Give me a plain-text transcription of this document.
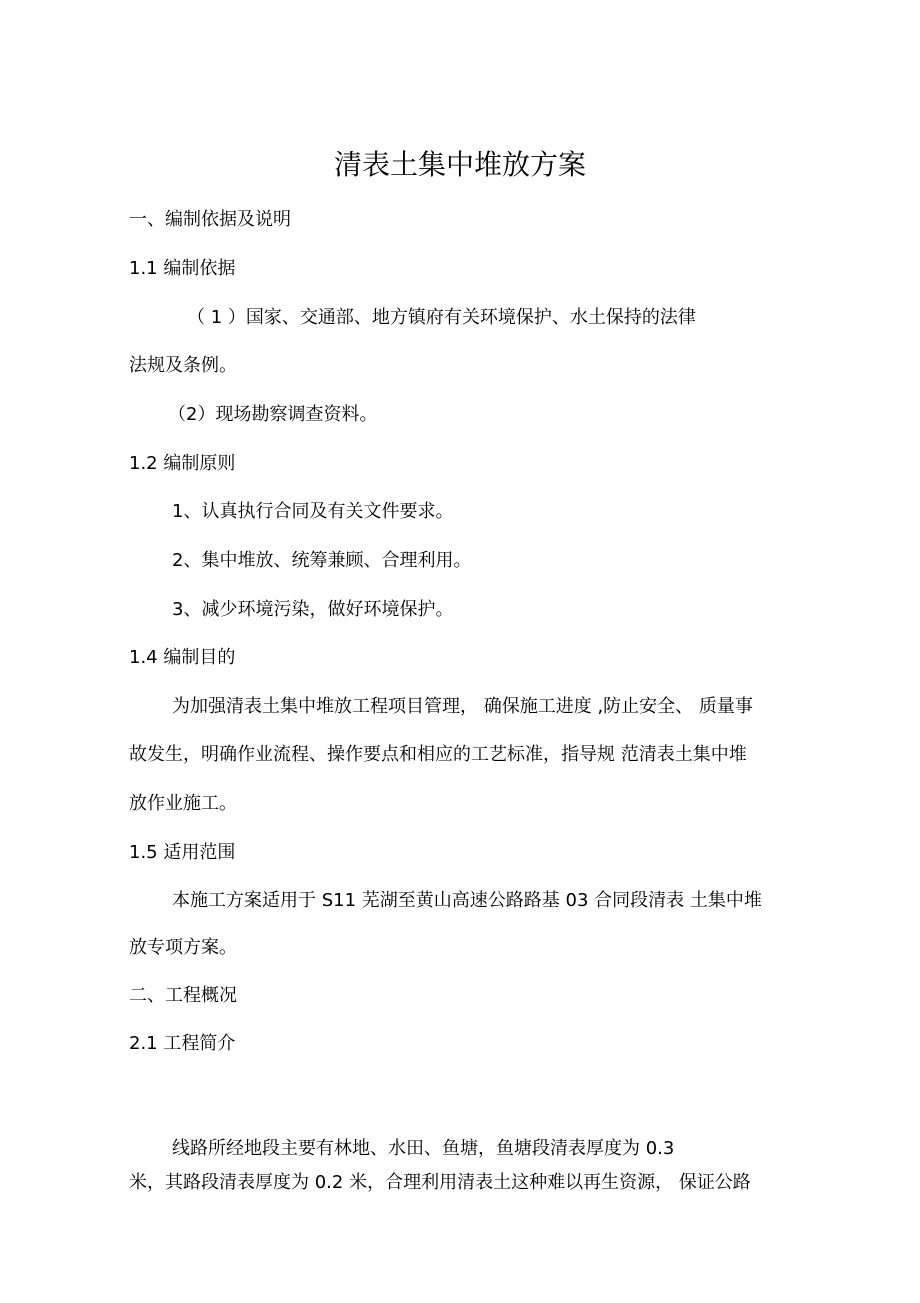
清表土集中堆放方案
一、编制依据及说明
1.1 编制依据
（ 1 ）国家、交通部、地方镇府有关环境保护、水土保持的法律
法规及条例。
（2）现场勘察调查资料。
1.2 编制原则
1、认真执行合同及有关文件要求。
2、集中堆放、统筹兼顾、合理利用。
3、减少环境污染，做好环境保护。
1.4 编制目的
为加强清表土集中堆放工程项目管理， 确保施工进度 ,防止安全、 质量事
故发生，明确作业流程、操作要点和相应的工艺标准，指导规 范清表土集中堆
放作业施工。
1.5 适用范围
本施工方案适用于 S11 芜湖至黄山高速公路路基 03 合同段清表 土集中堆
放专项方案。
二、工程概况
2.1 工程简介
线路所经地段主要有林地、水田、鱼塘，鱼塘段清表厚度为 0.3
米，其路段清表厚度为 0.2 米，合理利用清表土这种难以再生资源， 保证公路
